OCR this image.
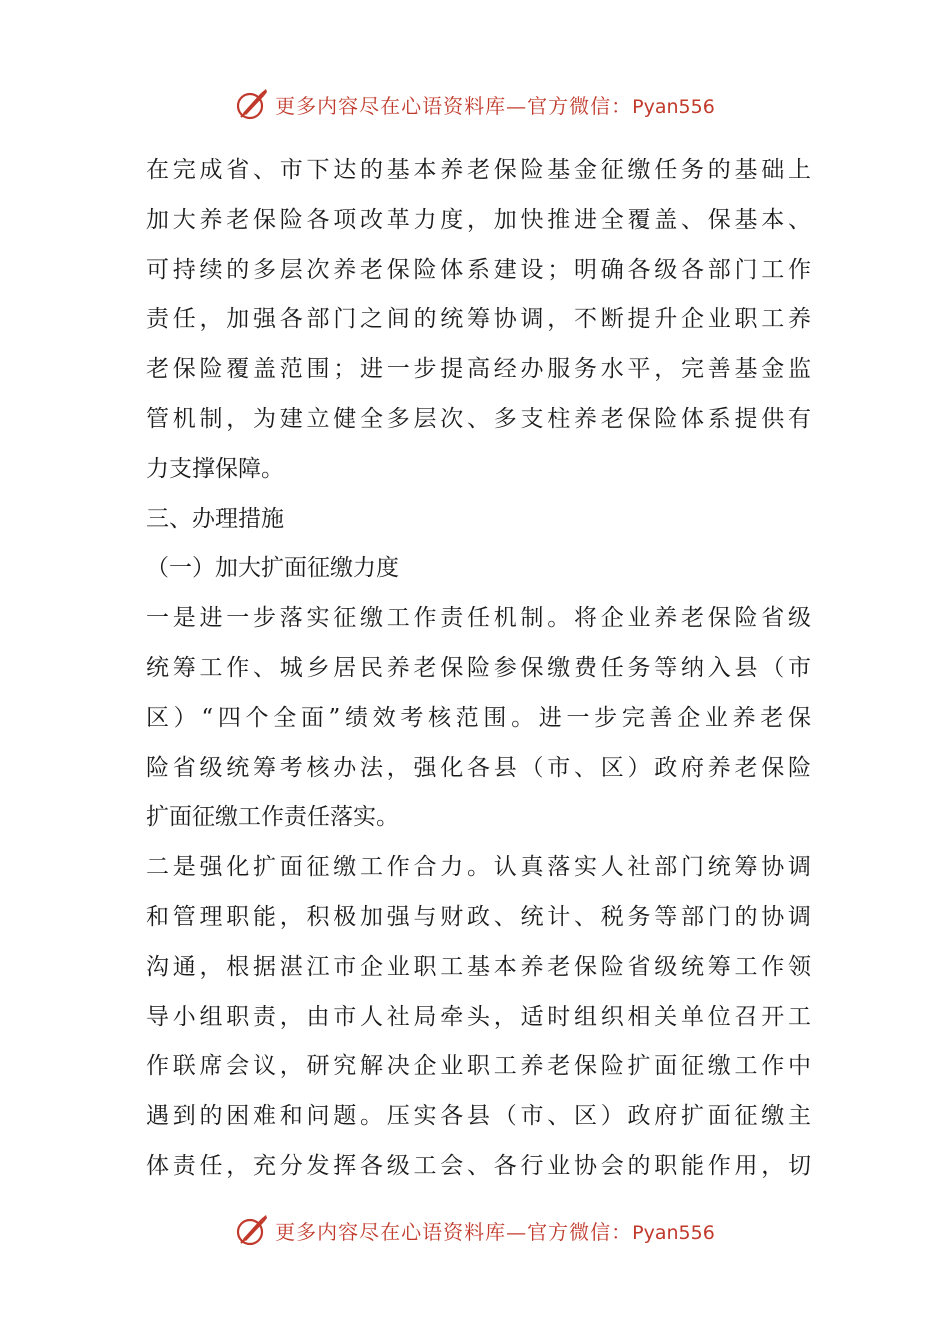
更多内容尽在心语资料库—官方微信：Pyan556
在完成省、市下达的基本养老保险基金征缴任务的基础上
加大养老保险各项改革力度，加快推进全覆盖、保基本、
可持续的多层次养老保险体系建设；明确各级各部门工作
责任，加强各部门之间的统筹协调，不断提升企业职工养
老保险覆盖范围；进一步提高经办服务水平，完善基金监
管机制，为建立健全多层次、多支柱养老保险体系提供有
力支撑保障。
三、办理措施
（一）加大扩面征缴力度
一是进一步落实征缴工作责任机制。将企业养老保险省级
统筹工作、城乡居民养老保险参保缴费任务等纳入县（市
区）“四个全面”绩效考核范围。进一步完善企业养老保
险省级统筹考核办法，强化各县（市、区）政府养老保险
扩面征缴工作责任落实。
二是强化扩面征缴工作合力。认真落实人社部门统筹协调
和管理职能，积极加强与财政、统计、税务等部门的协调
沟通，根据湛江市企业职工基本养老保险省级统筹工作领
导小组职责，由市人社局牵头，适时组织相关单位召开工
作联席会议，研究解决企业职工养老保险扩面征缴工作中
遇到的困难和问题。压实各县（市、区）政府扩面征缴主
体责任，充分发挥各级工会、各行业协会的职能作用，切
更多内容尽在心语资料库—官方微信：Pyan556
